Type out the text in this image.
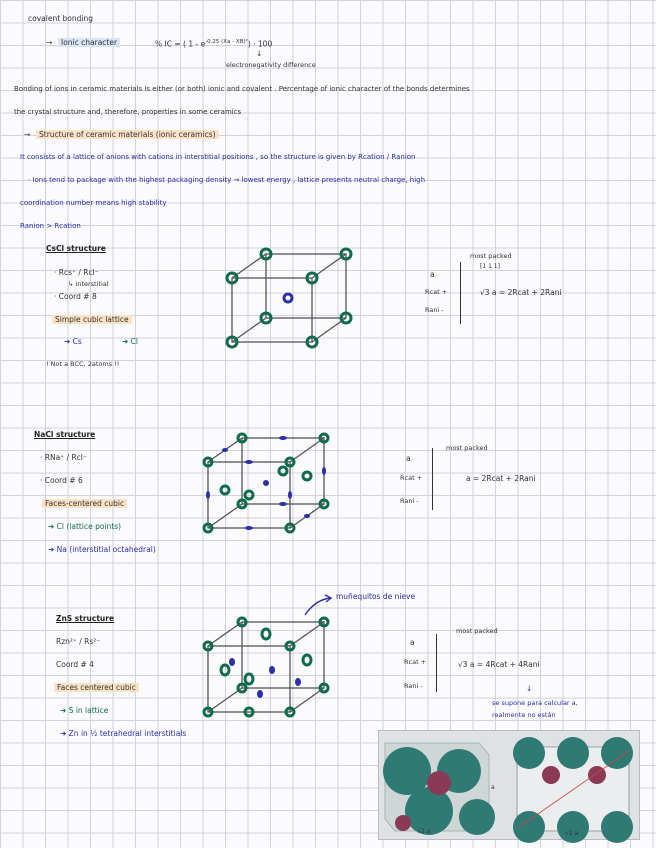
covalent bonding
→	Ionic character	% IC = ( $1 - e^{-0.25 (Xa - XB)^2}) \cdot 100$
↓
electronegativity difference
Bonding of ions in ceramic materials is either (or both) ionic and covalent . Percentage of ionic character of the bonds determines
the crystal structure and, therefore, properties in some ceramics
→	Structure of ceramic materials (ionic ceramics)
It consists of a lattice of anions with cations in interstitial positions , so the structure is given by Rcation / Ranion
· Ions tend to package with the highest packaging density → lowest energy , lattice presents neutral charge, high
coordination number means high stability
Ranion > Rcation
CsCl structure
· Rcs⁺ / Rcl⁻
↳ interstitial
· Coord # 8
Simple cubic lattice
➜ Cs	➜ Cl
! Not a BCC, 2atoms !!
a
Rcat +
Rani -
most packed
[1 1 1]
√3 a = 2Rcat + 2Rani
NaCl structure
· RNa⁺ / Rcl⁻
· Coord # 6
Faces-centered cubic
➜ Cl (lattice points)
➜ Na (interstitial octahedral)
a
Rcat +
Rani -
most packed
a = 2Rcat + 2Rani
ZnS structure
Rzn²⁺ / Rs²⁻
Coord # 4
Faces centered cubic
➜ S in lattice
➜ Zn in ½ tetrahedral interstitials
muñequitos de nieve
a
Rcat +
Rani -
most packed
√3 a = 4Rcat + 4Rani
↓
se supone para calcular a,
realmente no están
√2 a
a
√2 a
